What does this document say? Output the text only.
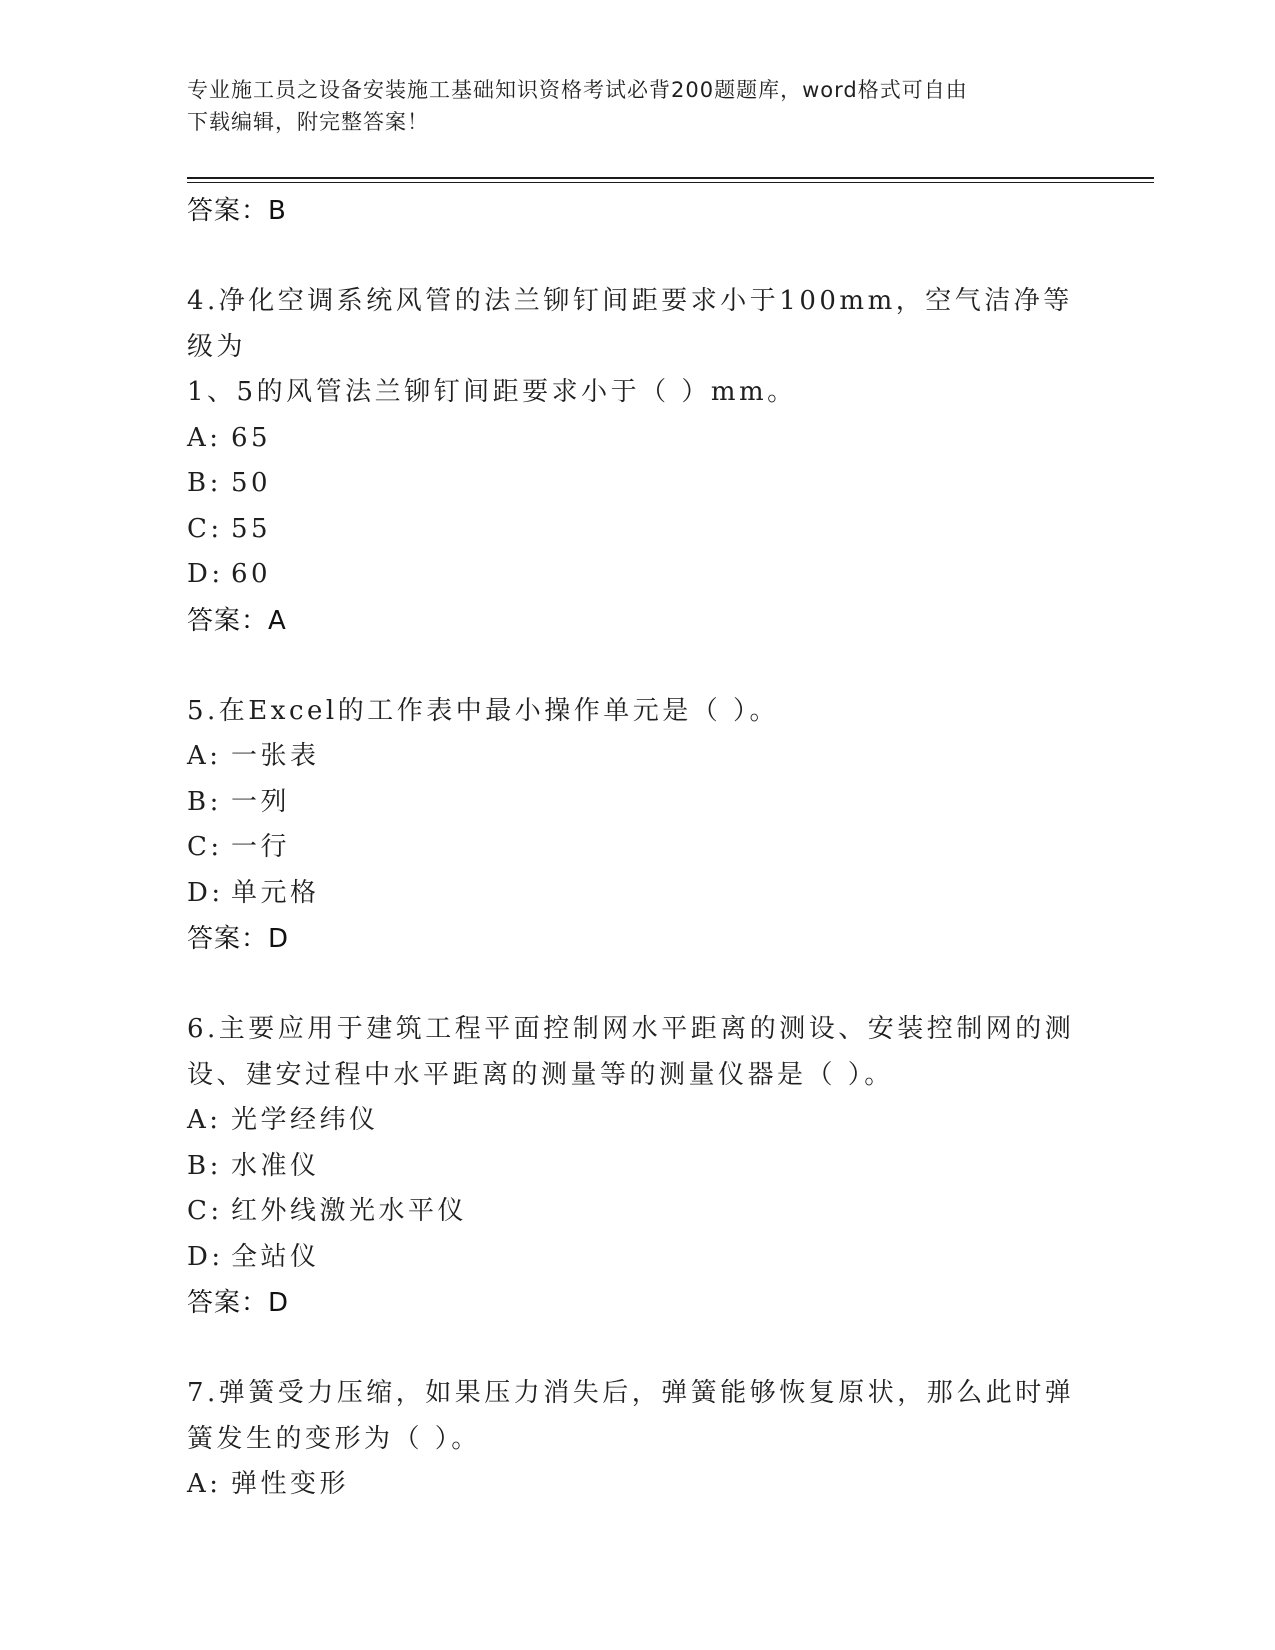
专业施工员之设备安装施工基础知识资格考试必背200题题库，word格式可自由
下载编辑，附完整答案！
答案：B
4.净化空调系统风管的法兰铆钉间距要求小于100mm，空气洁净等级为
1、5的风管法兰铆钉间距要求小于（ ）mm。
A: 65
B: 50
C: 55
D: 60
答案：A
5.在Excel的工作表中最小操作单元是（ ）。
A: 一张表
B: 一列
C: 一行
D: 单元格
答案：D
6.主要应用于建筑工程平面控制网水平距离的测设、安装控制网的测
设、建安过程中水平距离的测量等的测量仪器是（ ）。
A: 光学经纬仪
B: 水准仪
C: 红外线激光水平仪
D: 全站仪
答案：D
7.弹簧受力压缩，如果压力消失后，弹簧能够恢复原状，那么此时弹
簧发生的变形为（ ）。
A: 弹性变形
